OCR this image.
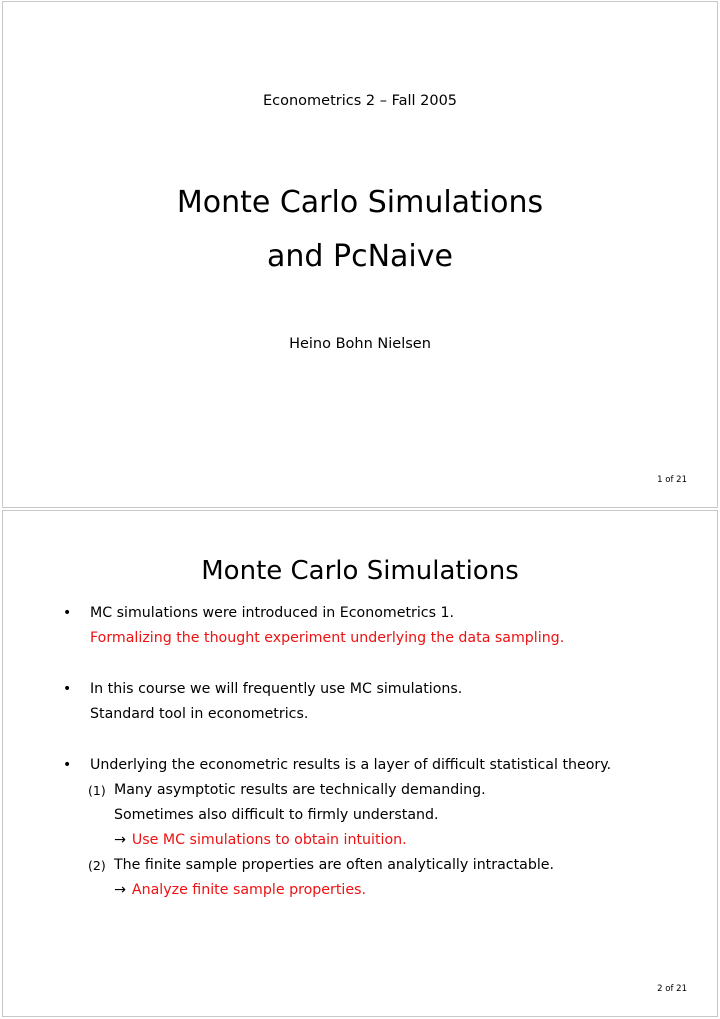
Econometrics 2 – Fall 2005
Monte Carlo Simulations
and PcNaive
Heino Bohn Nielsen
1 of 21
Monte Carlo Simulations
• MC simulations were introduced in Econometrics 1.
Formalizing the thought experiment underlying the data sampling.
• In this course we will frequently use MC simulations.
Standard tool in econometrics.
• Underlying the econometric results is a layer of difficult statistical theory.
(1) Many asymptotic results are technically demanding.
Sometimes also difficult to firmly understand.
→ Use MC simulations to obtain intuition.
(2) The finite sample properties are often analytically intractable.
→ Analyze finite sample properties.
2 of 21
